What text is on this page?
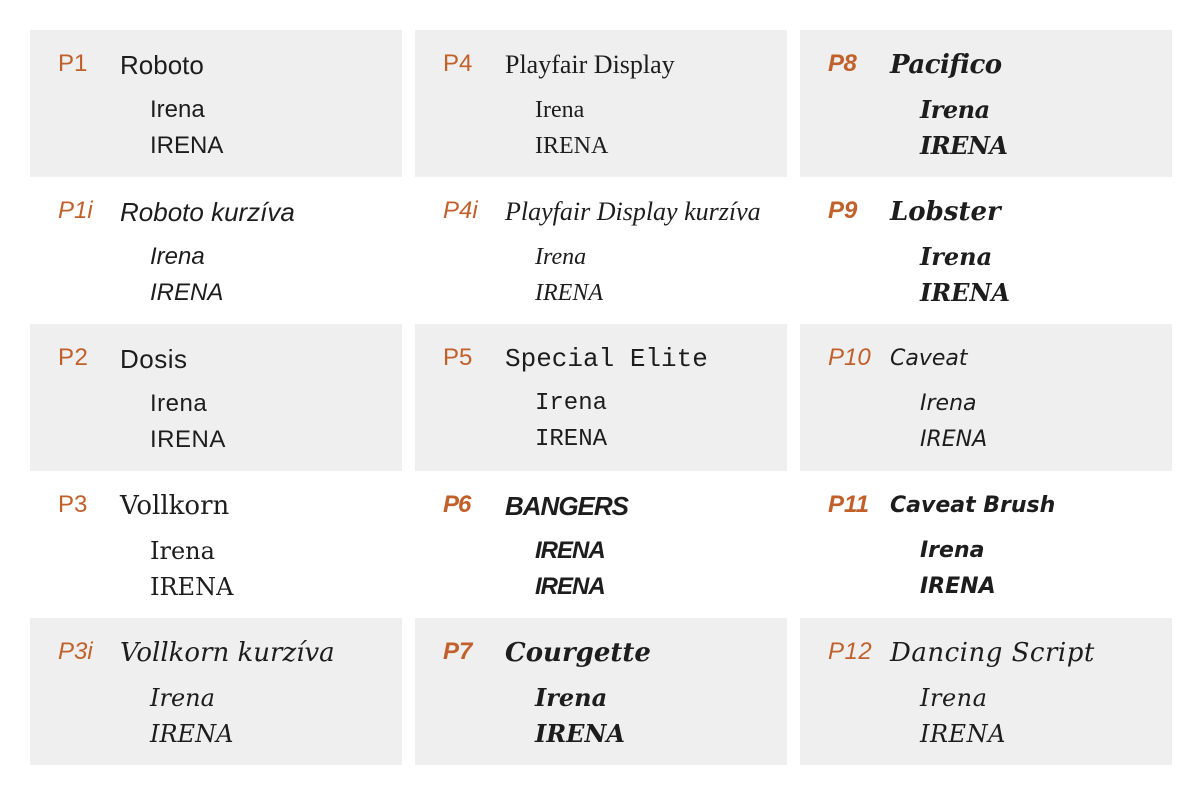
P1	Roboto
Irena
IRENA
P4	Playfair Display
Irena
IRENA
P8	Pacifico
Irena
IRENA
P1i	Roboto kurzíva
Irena
IRENA
P4i	Playfair Display kurzíva
Irena
IRENA
P9	Lobster
Irena
IRENA
P2	Dosis
Irena
IRENA
P5	Special Elite
Irena
IRENA
P10 Caveat
Irena
IRENA
P3	Vollkorn
Irena
IRENA
P6	BANGERS
IRENA
IRENA
P11 Caveat Brush
Irena
IRENA
P3i	Vollkorn kurzíva
Irena
IRENA
P7	Courgette
Irena
IRENA
P12 Dancing Script
Irena
IRENA
